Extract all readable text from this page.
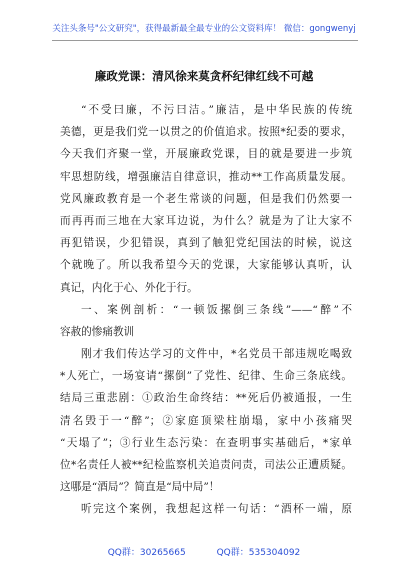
关注头条号"公文研究"，获得最新最全最专业的公文资料库！ 微信：gongwenyj
廉政党课：清风徐来莫贪杯纪律红线不可越
“不受曰廉，不污曰洁。”廉洁，是中华民族的传统
美德，更是我们党一以贯之的价值追求。按照*纪委的要求，
今天我们齐聚一堂，开展廉政党课，目的就是要进一步筑
牢思想防线，增强廉洁自律意识，推动**工作高质量发展。
党风廉政教育是一个老生常谈的问题，但是我们仍然要一
而再再而三地在大家耳边说，为什么？就是为了让大家不
再犯错误，少犯错误，真到了触犯党纪国法的时候，说这
个就晚了。所以我希望今天的党课，大家能够认真听，认
真记，内化于心、外化于行。
一、案例剖析：“一顿饭摞倒三条线”——“醉”不
容赦的惨痛教训
刚才我们传达学习的文件中，*名党员干部违规吃喝致
*人死亡，一场宴请“摞倒”了党性、纪律、生命三条底线。
结局三重悲剧：①政治生命终结：**死后仍被通报，一生
清名毁于一“醉”；②家庭顶梁柱崩塌，家中小孩痛哭
“天塌了”；③行业生态污染：在查明事实基础后，*家单
位*名责任人被**纪检监察机关追责问责，司法公正遭质疑。
这哪是“酒局”？简直是“局中局”！
听完这个案例，我想起这样一句话：“酒杯一端，原
QQ群：30265665	QQ群：535304092
